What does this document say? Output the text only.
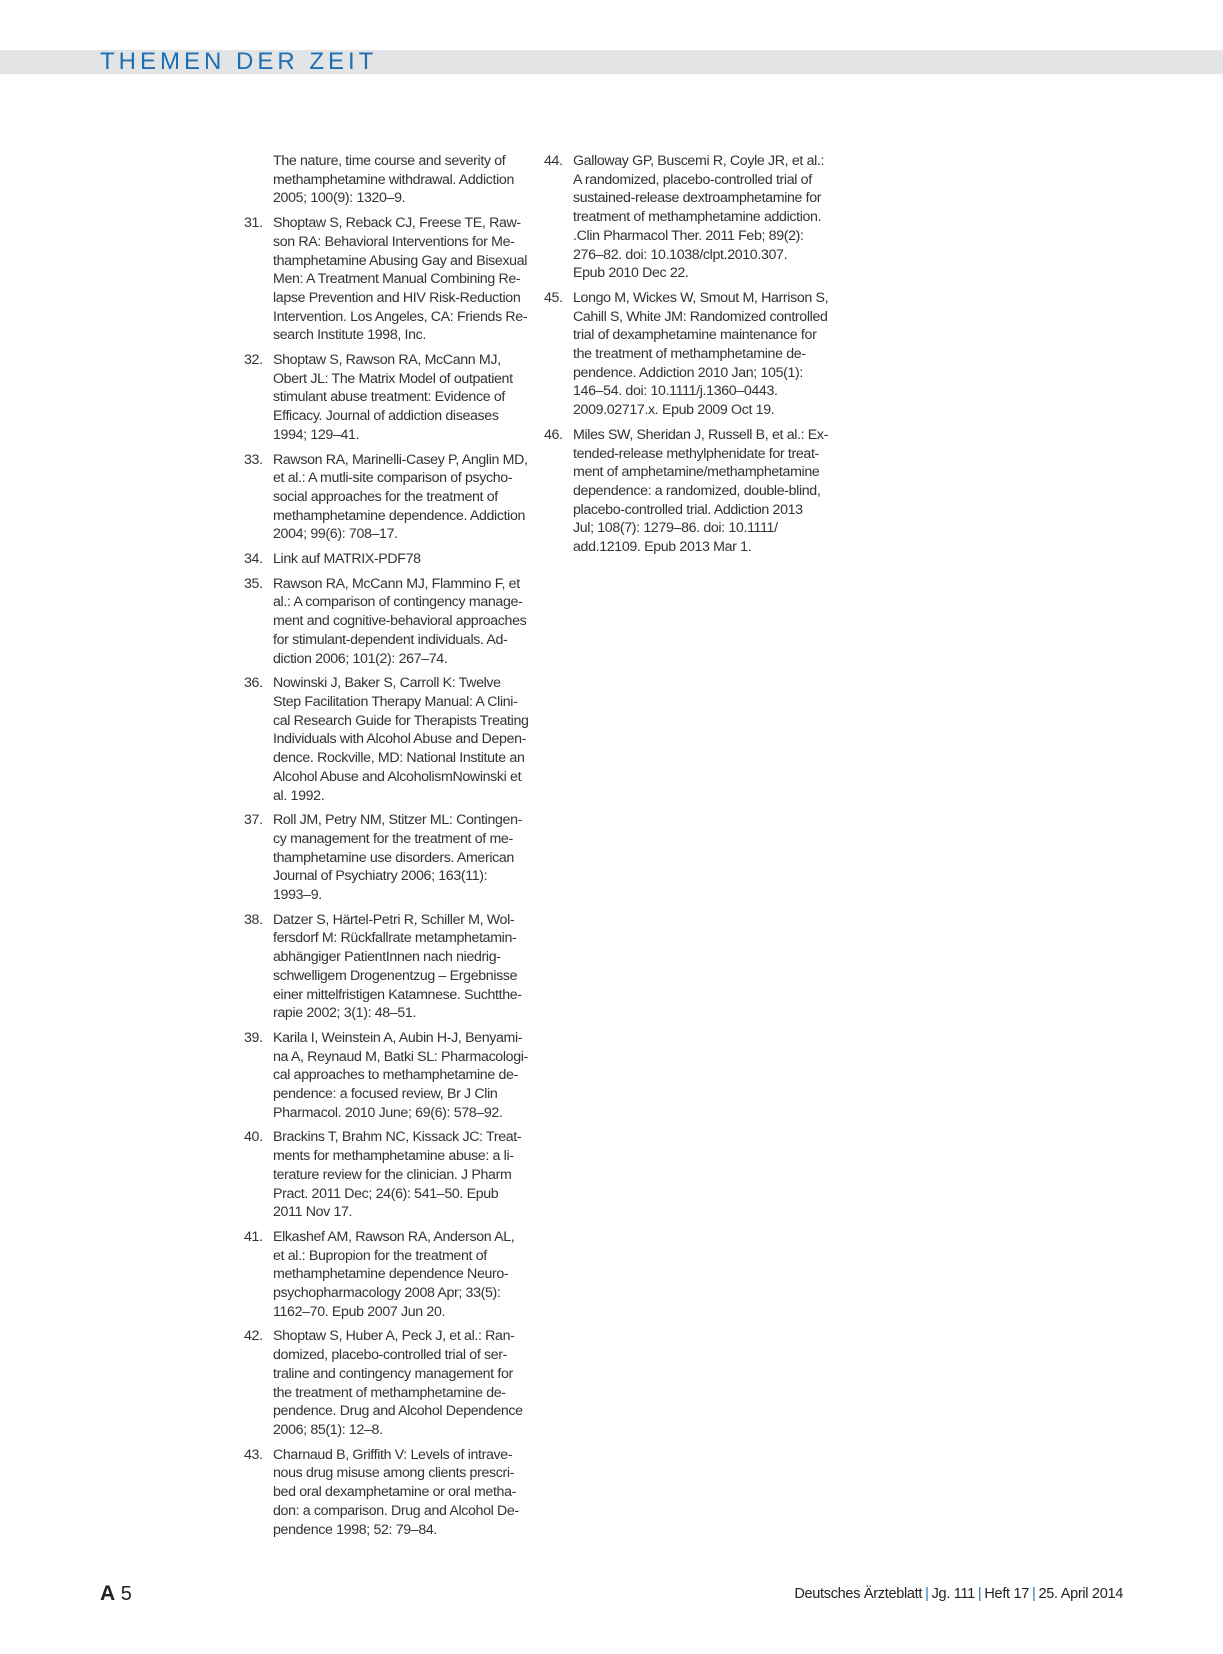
THEMEN DER ZEIT
The nature, time course and severity of
methamphetamine withdrawal. Addiction
2005; 100(9): 1320–9.
31. Shoptaw S, Reback CJ, Freese TE, Raw-
son RA: Behavioral Interventions for Me-
thamphetamine Abusing Gay and Bisexual
Men: A Treatment Manual Combining Re-
lapse Prevention and HIV Risk-Reduction
Intervention. Los Angeles, CA: Friends Re-
search Institute 1998, Inc.
32. Shoptaw S, Rawson RA, McCann MJ,
Obert JL: The Matrix Model of outpatient
stimulant abuse treatment: Evidence of
Efficacy. Journal of addiction diseases
1994; 129–41.
33. Rawson RA, Marinelli-Casey P, Anglin MD,
et al.: A mutli-site comparison of psycho-
social approaches for the treatment of
methamphetamine dependence. Addiction
2004; 99(6): 708–17.
34. Link auf MATRIX-PDF78
35. Rawson RA, McCann MJ, Flammino F, et
al.: A comparison of contingency manage-
ment and cognitive-behavioral approaches
for stimulant-dependent individuals. Ad-
diction 2006; 101(2): 267–74.
36. Nowinski J, Baker S, Carroll K: Twelve
Step Facilitation Therapy Manual: A Clini-
cal Research Guide for Therapists Treating
Individuals with Alcohol Abuse and Depen-
dence. Rockville, MD: National Institute an
Alcohol Abuse and AlcoholismNowinski et
al. 1992.
37. Roll JM, Petry NM, Stitzer ML: Contingen-
cy management for the treatment of me-
thamphetamine use disorders. American
Journal of Psychiatry 2006; 163(11):
1993–9.
38. Datzer S, Härtel-Petri R, Schiller M, Wol-
fersdorf M: Rückfallrate metamphetamin-
abhängiger PatientInnen nach niedrig-
schwelligem Drogenentzug – Ergebnisse
einer mittelfristigen Katamnese. Suchtthe-
rapie 2002; 3(1): 48–51.
39. Karila I, Weinstein A, Aubin H-J, Benyami-
na A, Reynaud M, Batki SL: Pharmacologi-
cal approaches to methamphetamine de-
pendence: a focused review, Br J Clin
Pharmacol. 2010 June; 69(6): 578–92.
40. Brackins T, Brahm NC, Kissack JC: Treat-
ments for methamphetamine abuse: a li-
terature review for the clinician. J Pharm
Pract. 2011 Dec; 24(6): 541–50. Epub
2011 Nov 17.
41. Elkashef AM, Rawson RA, Anderson AL,
et al.: Bupropion for the treatment of
methamphetamine dependence Neuro-
psychopharmacology 2008 Apr; 33(5):
1162–70. Epub 2007 Jun 20.
42. Shoptaw S, Huber A, Peck J, et al.: Ran-
domized, placebo-controlled trial of ser-
traline and contingency management for
the treatment of methamphetamine de-
pendence. Drug and Alcohol Dependence
2006; 85(1): 12–8.
43. Charnaud B, Griffith V: Levels of intrave-
nous drug misuse among clients prescri-
bed oral dexamphetamine or oral metha-
don: a comparison. Drug and Alcohol De-
pendence 1998; 52: 79–84.
44. Galloway GP, Buscemi R, Coyle JR, et al.:
A randomized, placebo-controlled trial of
sustained-release dextroamphetamine for
treatment of methamphetamine addiction.
.Clin Pharmacol Ther. 2011 Feb; 89(2):
276–82. doi: 10.1038/clpt.2010.307.
Epub 2010 Dec 22.
45. Longo M, Wickes W, Smout M, Harrison S,
Cahill S, White JM: Randomized controlled
trial of dexamphetamine maintenance for
the treatment of methamphetamine de-
pendence. Addiction 2010 Jan; 105(1):
146–54. doi: 10.1111/j.1360–0443.
2009.02717.x. Epub 2009 Oct 19.
46. Miles SW, Sheridan J, Russell B, et al.: Ex-
tended-release methylphenidate for treat-
ment of amphetamine/methamphetamine
dependence: a randomized, double-blind,
placebo-controlled trial. Addiction 2013
Jul; 108(7): 1279–86. doi: 10.1111/
add.12109. Epub 2013 Mar 1.
A 5	Deutsches Ärzteblatt | Jg. 111 | Heft 17 | 25. April 2014
